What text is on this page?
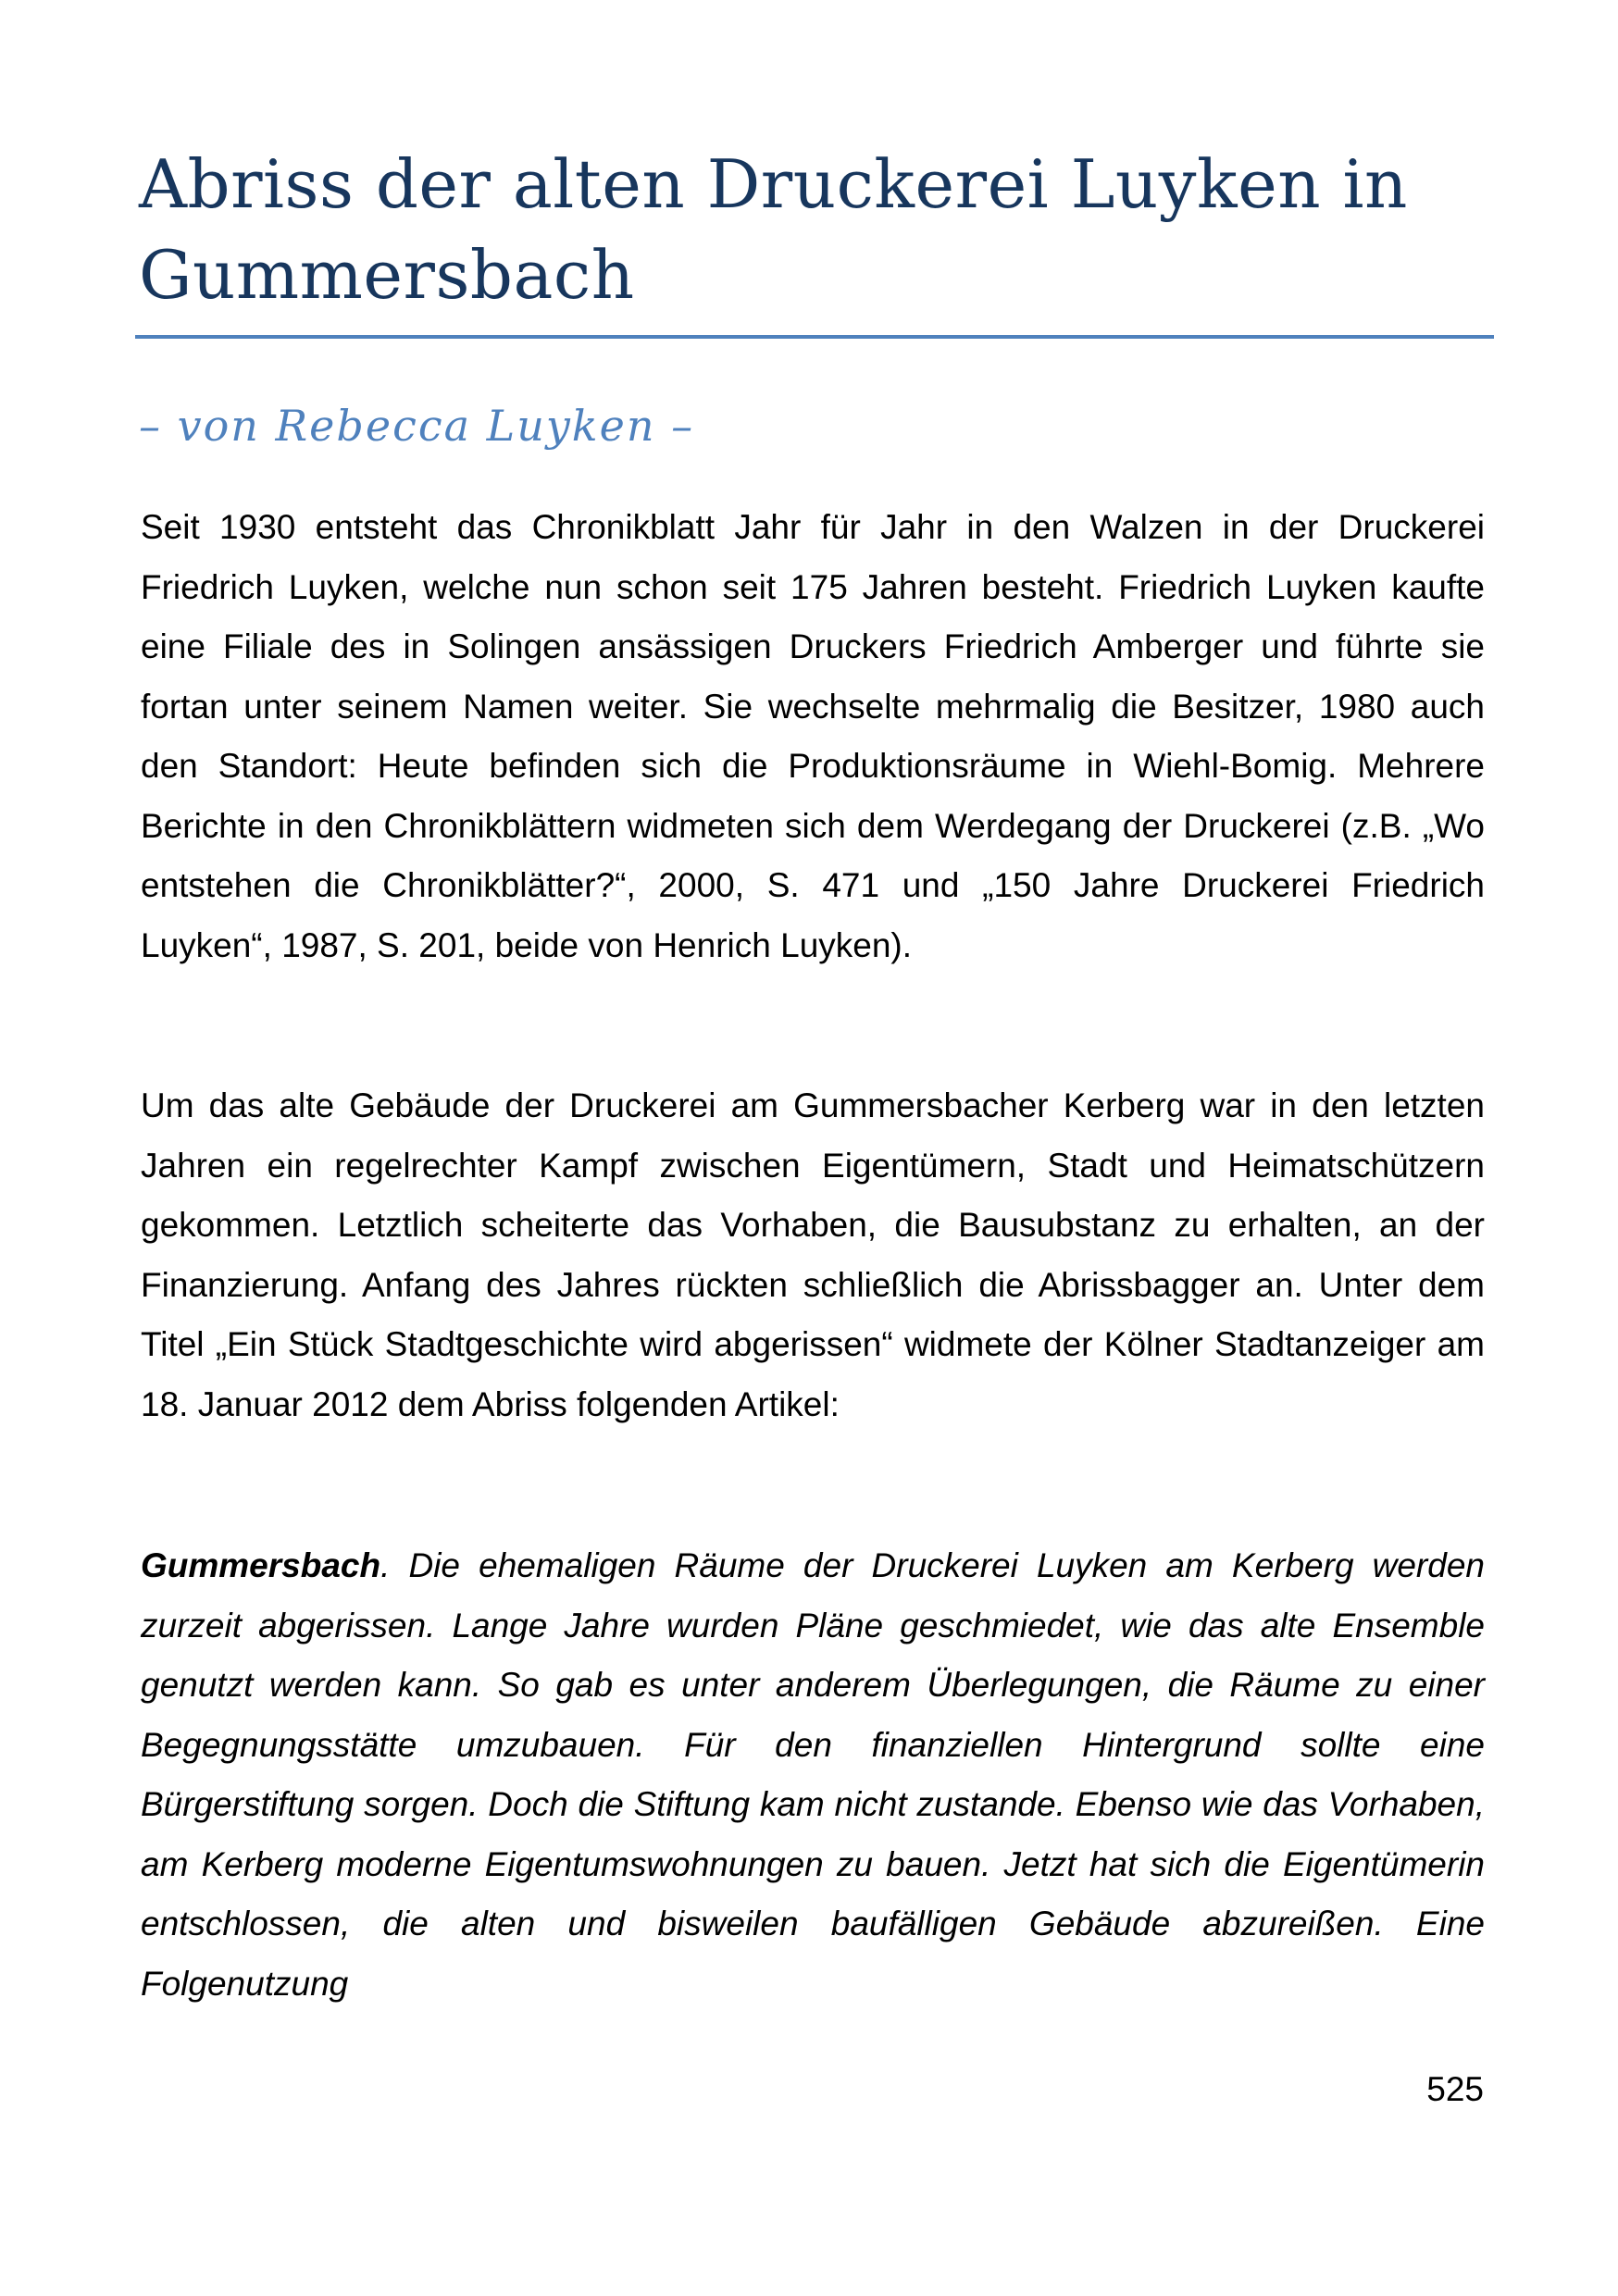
Abriss der alten Druckerei Luyken in Gummersbach

– von Rebecca Luyken –

Seit 1930 entsteht das Chronikblatt Jahr für Jahr in den Walzen in der Druckerei Friedrich Luyken, welche nun schon seit 175 Jahren besteht. Friedrich Luyken kaufte eine Filiale des in Solingen ansässigen Druckers Friedrich Amberger und führte sie fortan unter seinem Namen weiter. Sie wechselte mehrmalig die Besitzer, 1980 auch den Standort: Heute befinden sich die Produktionsräume in Wiehl-Bomig. Mehrere Berichte in den Chronikblättern widmeten sich dem Werdegang der Druckerei (z.B. „Wo entstehen die Chronikblätter?“, 2000, S. 471 und „150 Jahre Druckerei Friedrich Luyken“, 1987, S. 201, beide von Henrich Luyken).

Um das alte Gebäude der Druckerei am Gummersbacher Kerberg war in den letzten Jahren ein regelrechter Kampf zwischen Eigentümern, Stadt und Heimatschützern gekommen. Letztlich scheiterte das Vorhaben, die Bausubstanz zu erhalten, an der Finanzierung. Anfang des Jahres rückten schließlich die Abrissbagger an. Unter dem Titel „Ein Stück Stadtgeschichte wird abgerissen“ widmete der Kölner Stadtanzeiger am 18. Januar 2012 dem Abriss folgenden Artikel:

Gummersbach. Die ehemaligen Räume der Druckerei Luyken am Kerberg werden zurzeit abgerissen. Lange Jahre wurden Pläne geschmiedet, wie das alte Ensemble genutzt werden kann. So gab es unter anderem Überlegungen, die Räume zu einer Begegnungsstätte umzubauen. Für den finanziellen Hintergrund sollte eine Bürgerstiftung sorgen. Doch die Stiftung kam nicht zustande. Ebenso wie das Vorhaben, am Kerberg moderne Eigentumswohnungen zu bauen. Jetzt hat sich die Eigentümerin entschlossen, die alten und bisweilen baufälligen Gebäude abzureißen. Eine Folgenutzung

525
